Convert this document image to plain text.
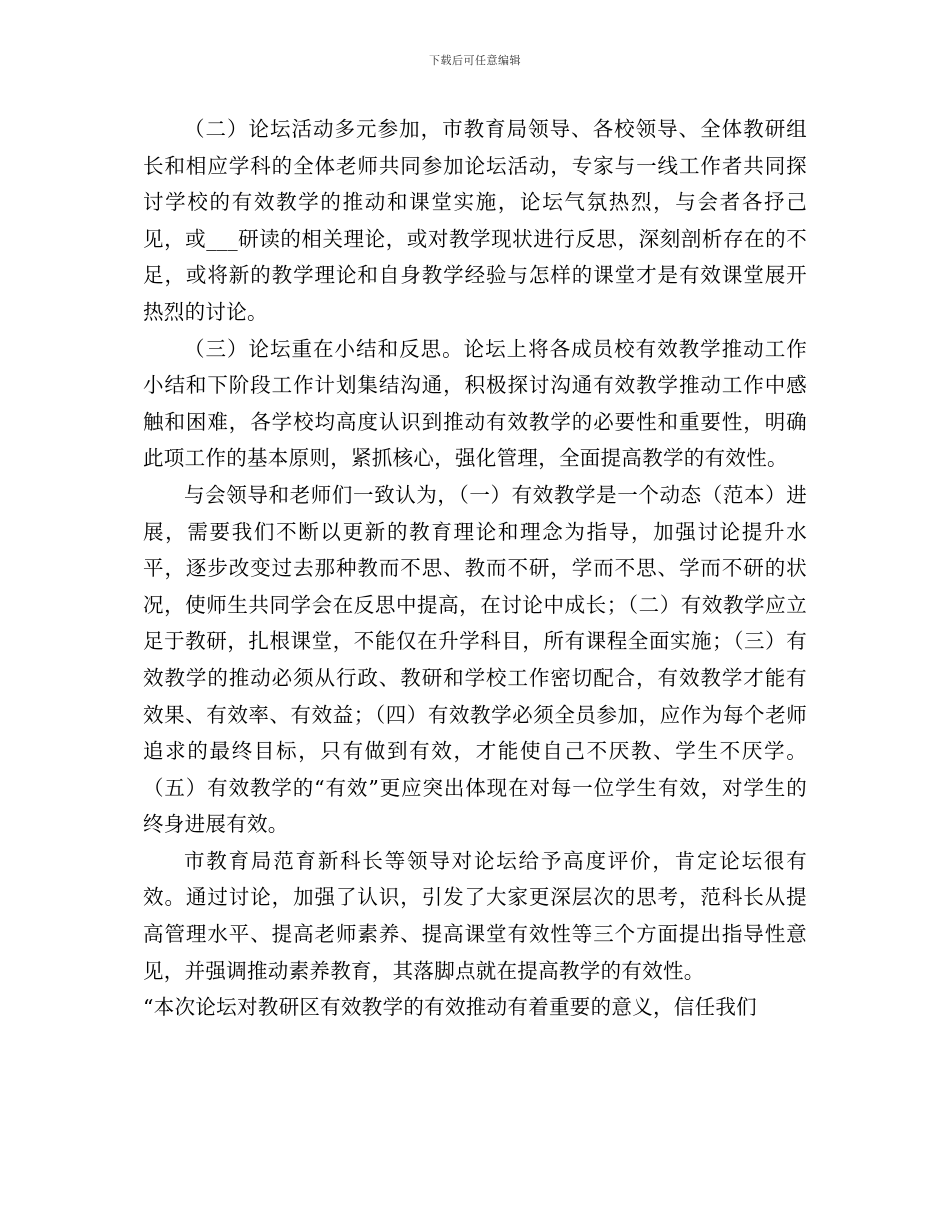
下载后可任意编辑

（二）论坛活动多元参加，市教育局领导、各校领导、全体教研组长和相应学科的全体老师共同参加论坛活动，专家与一线工作者共同探讨学校的有效教学的推动和课堂实施，论坛气氛热烈，与会者各抒己见，或___研读的相关理论，或对教学现状进行反思，深刻剖析存在的不足，或将新的教学理论和自身教学经验与怎样的课堂才是有效课堂展开热烈的讨论。

（三）论坛重在小结和反思。论坛上将各成员校有效教学推动工作小结和下阶段工作计划集结沟通，积极探讨沟通有效教学推动工作中感触和困难，各学校均高度认识到推动有效教学的必要性和重要性，明确此项工作的基本原则，紧抓核心，强化管理，全面提高教学的有效性。

与会领导和老师们一致认为，（一）有效教学是一个动态（范本）进展，需要我们不断以更新的教育理论和理念为指导，加强讨论提升水平，逐步改变过去那种教而不思、教而不研，学而不思、学而不研的状况，使师生共同学会在反思中提高，在讨论中成长；（二）有效教学应立足于教研，扎根课堂，不能仅在升学科目，所有课程全面实施；（三）有效教学的推动必须从行政、教研和学校工作密切配合，有效教学才能有效果、有效率、有效益；（四）有效教学必须全员参加，应作为每个老师追求的最终目标，只有做到有效，才能使自己不厌教、学生不厌学。（五）有效教学的“有效”更应突出体现在对每一位学生有效，对学生的终身进展有效。

市教育局范育新科长等领导对论坛给予高度评价，肯定论坛很有效。通过讨论，加强了认识，引发了大家更深层次的思考，范科长从提高管理水平、提高老师素养、提高课堂有效性等三个方面提出指导性意见，并强调推动素养教育，其落脚点就在提高教学的有效性。

“本次论坛对教研区有效教学的有效推动有着重要的意义，信任我们
